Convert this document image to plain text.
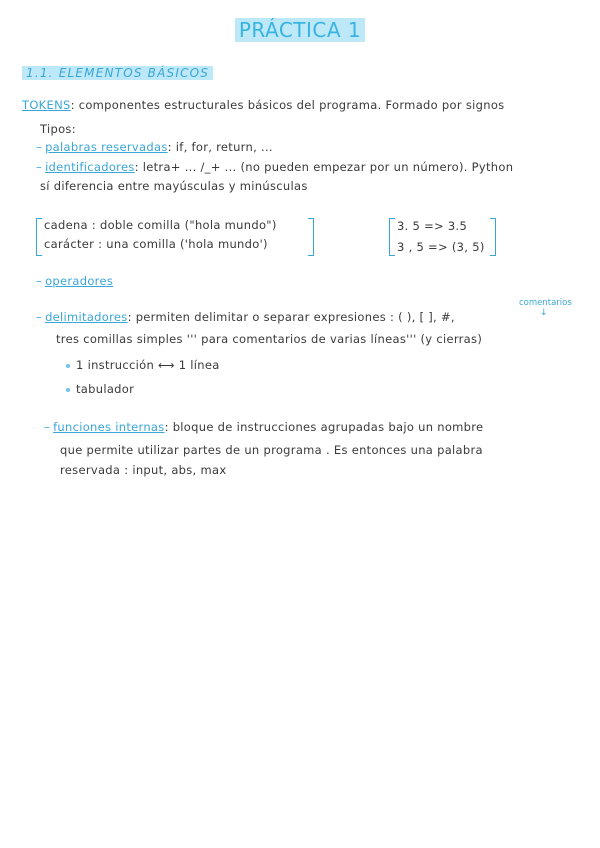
PRÁCTICA 1
1.1. ELEMENTOS BÁSICOS
TOKENS: componentes estructurales básicos del programa. Formado por signos
Tipos:
– palabras reservadas: if, for, return, ...
– identificadores: letra+ ... /_+ ... (no pueden empezar por un número). Python
sí diferencia entre mayúsculas y minúsculas
cadena : doble comilla ("hola mundo")
carácter : una comilla ('hola mundo')
3. 5 => 3.5
3 , 5 => (3, 5)
– operadores
comentarios
↓
– delimitadores: permiten delimitar o separar expresiones : ( ), [ ], #,
tres comillas simples ''' para comentarios de varias líneas''' (y cierras)
1 instrucción ⟷ 1 línea
tabulador
– funciones internas: bloque de instrucciones agrupadas bajo un nombre
que permite utilizar partes de un programa . Es entonces una palabra
reservada : input, abs, max
